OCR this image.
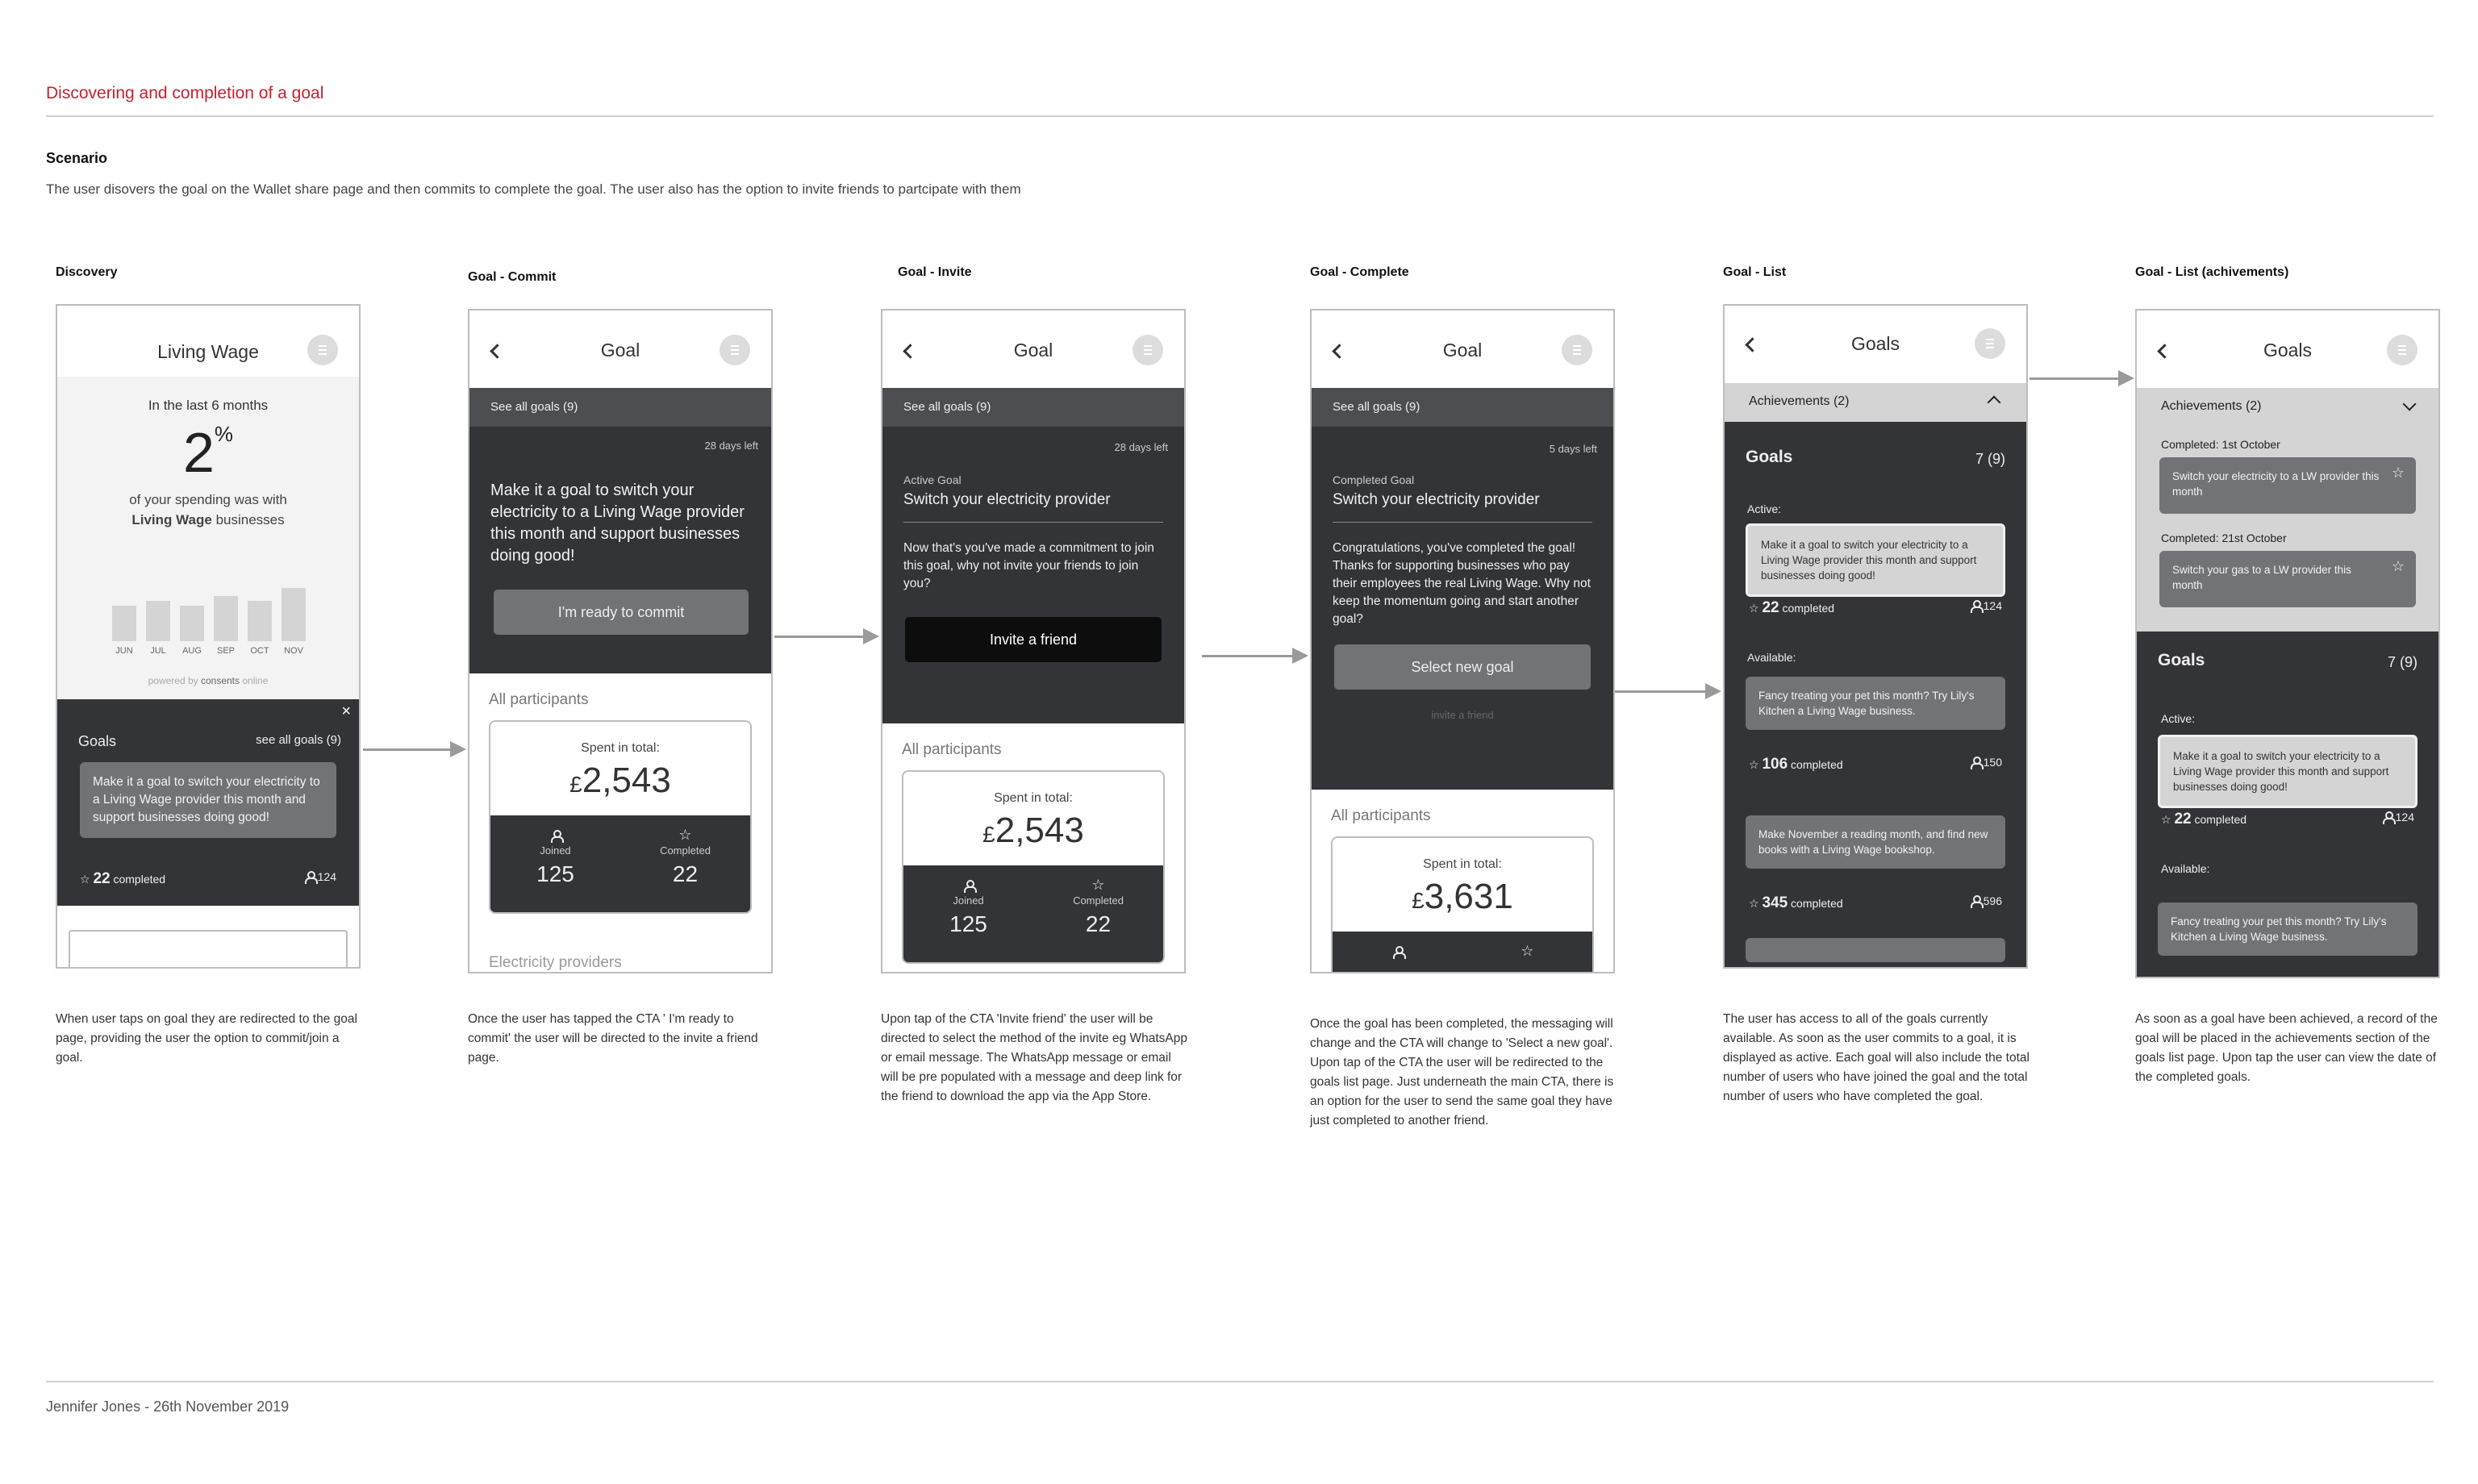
Discovering and completion of a goal
Scenario
The user disovers the goal on the Wallet share page and then commits to complete the goal. The user also has the option to invite friends to partcipate with them
Discovery	Goal - Commit	Goal - Invite	Goal - Complete	Goal - List	Goal - List (achivements)
Living Wage
In the last 6 months
2%
of your spending was with
Living Wage businesses
JUN	JUL	AUG	SEP	OCT	NOV
powered by consents online
×
Goals	see all goals (9)
Make it a goal to switch your electricity to a Living Wage provider this month and support businesses doing good!
☆ 22 completed	124
When user taps on goal they are redirected to the goal page, providing the user the option to commit/join a goal.
Goal
See all goals (9)
28 days left
Make it a goal to switch your electricity to a Living Wage provider this month and support businesses doing good!
I'm ready to commit
All participants
Spent in total:
£2,543
Joined
125
☆
Completed
22
Electricity providers
Once the user has tapped the CTA ' I'm ready to commit' the user will be directed to the invite a friend page.
Goal
See all goals (9)
28 days left
Active Goal
Switch your electricity provider
Now that's you've made a commitment to join this goal, why not invite your friends to join you?
Invite a friend
All participants
Spent in total:
£2,543
Joined
125
☆
Completed
22
Upon tap of the CTA 'Invite friend' the user will be directed to select the method of the invite eg WhatsApp or email message. The WhatsApp message or email will be pre populated with a message and deep link for the friend to download the app via the App Store.
Goal
See all goals (9)
5 days left
Completed Goal
Switch your electricity provider
Congratulations, you've completed the goal! Thanks for supporting businesses who pay their employees the real Living Wage. Why not keep the momentum going and start another goal?
Select new goal
invite a friend
All participants
Spent in total:
£3,631
☆
Once the goal has been completed, the messaging will change and the CTA will change to 'Select a new goal'. Upon tap of the CTA the user will be redirected to the goals list page. Just underneath the main CTA, there is an option for the user to send the same goal they have just completed to another friend.
Goals
Achievements (2)
Goals	7 (9)
Active:
Make it a goal to switch your electricity to a Living Wage provider this month and support businesses doing good!
☆ 22 completed	124
Available:
Fancy treating your pet this month? Try Lily's Kitchen a Living Wage business.
☆ 106 completed	150
Make November a reading month, and find new books with a Living Wage bookshop.
☆ 345 completed	596
The user has access to all of the goals currently available. As soon as the user commits to a goal, it is displayed as active. Each goal will also include the total number of users who have joined the goal and the total number of users who have completed the goal.
Goals
Achievements (2)
Completed: 1st October
Switch your electricity to a LW provider this month
☆
Completed: 21st October
Switch your gas to a LW provider this month
☆
Goals	7 (9)
Active:
Make it a goal to switch your electricity to a Living Wage provider this month and support businesses doing good!
☆ 22 completed	124
Available:
Fancy treating your pet this month? Try Lily's Kitchen a Living Wage business.
As soon as a goal have been achieved, a record of the goal will be placed in the achievements section of the goals list page. Upon tap the user can view the date of the completed goals.
Jennifer Jones - 26th November 2019
